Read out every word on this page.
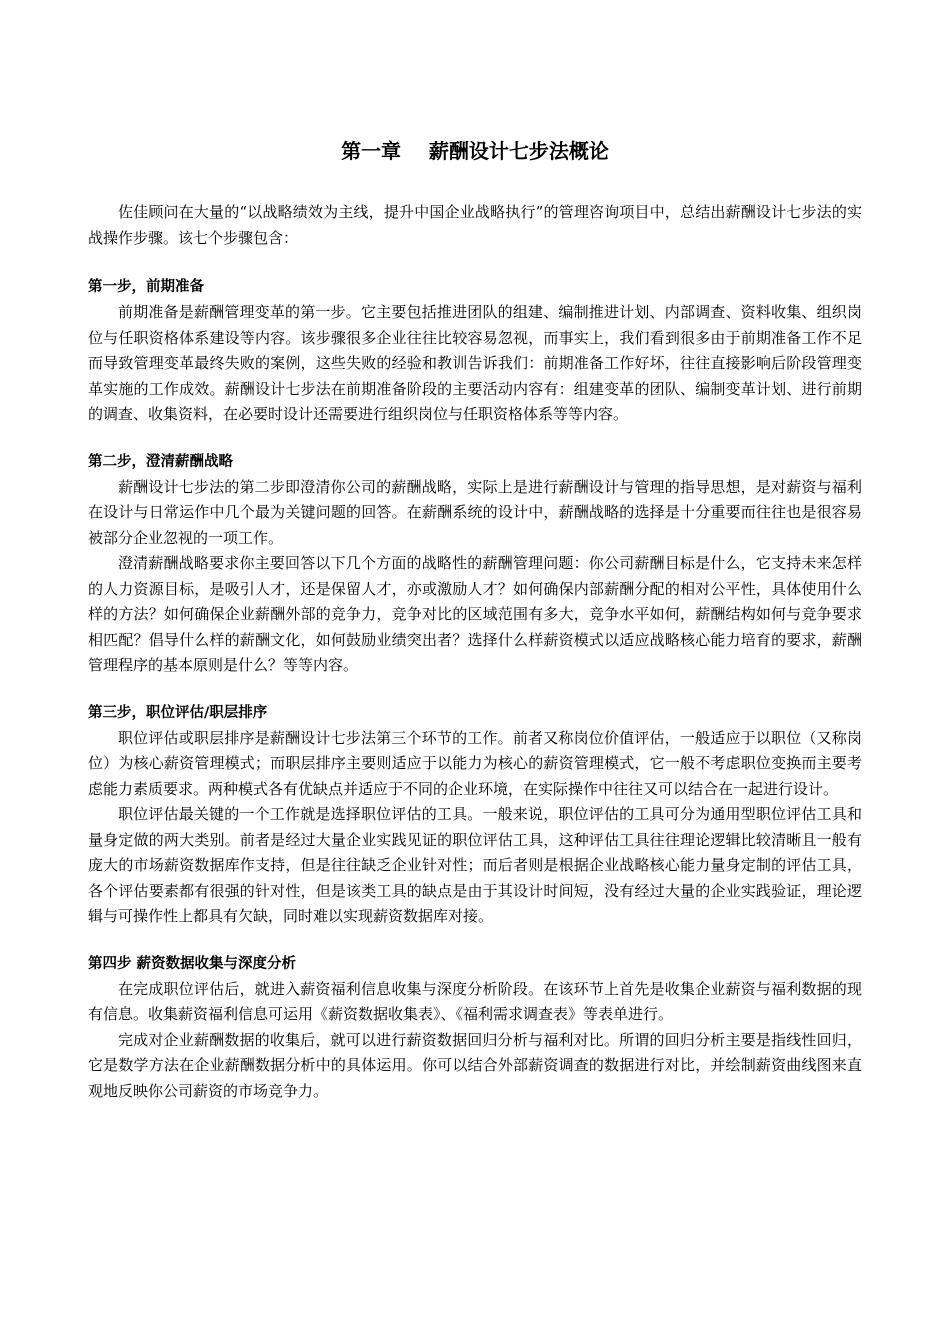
第一章    薪酬设计七步法概论

佐佳顾问在大量的“以战略绩效为主线，提升中国企业战略执行”的管理咨询项目中，总结出薪酬设计七步法的实战操作步骤。该七个步骤包含：

第一步，前期准备

前期准备是薪酬管理变革的第一步。它主要包括推进团队的组建、编制推进计划、内部调查、资料收集、组织岗位与任职资格体系建设等内容。该步骤很多企业往往比较容易忽视，而事实上，我们看到很多由于前期准备工作不足而导致管理变革最终失败的案例，这些失败的经验和教训告诉我们：前期准备工作好坏，往往直接影响后阶段管理变革实施的工作成效。薪酬设计七步法在前期准备阶段的主要活动内容有：组建变革的团队、编制变革计划、进行前期的调查、收集资料，在必要时设计还需要进行组织岗位与任职资格体系等等内容。

第二步，澄清薪酬战略

薪酬设计七步法的第二步即澄清你公司的薪酬战略，实际上是进行薪酬设计与管理的指导思想，是对薪资与福利在设计与日常运作中几个最为关键问题的回答。在薪酬系统的设计中，薪酬战略的选择是十分重要而往往也是很容易被部分企业忽视的一项工作。

澄清薪酬战略要求你主要回答以下几个方面的战略性的薪酬管理问题：你公司薪酬目标是什么，它支持未来怎样的人力资源目标，是吸引人才，还是保留人才，亦或激励人才？如何确保内部薪酬分配的相对公平性，具体使用什么样的方法？如何确保企业薪酬外部的竞争力，竞争对比的区域范围有多大，竞争水平如何，薪酬结构如何与竞争要求相匹配？倡导什么样的薪酬文化，如何鼓励业绩突出者？选择什么样薪资模式以适应战略核心能力培育的要求，薪酬管理程序的基本原则是什么？等等内容。

第三步，职位评估/职层排序

职位评估或职层排序是薪酬设计七步法第三个环节的工作。前者又称岗位价值评估，一般适应于以职位（又称岗位）为核心薪资管理模式；而职层排序主要则适应于以能力为核心的薪资管理模式，它一般不考虑职位变换而主要考虑能力素质要求。两种模式各有优缺点并适应于不同的企业环境，在实际操作中往往又可以结合在一起进行设计。

职位评估最关键的一个工作就是选择职位评估的工具。一般来说，职位评估的工具可分为通用型职位评估工具和量身定做的两大类别。前者是经过大量企业实践见证的职位评估工具，这种评估工具往往理论逻辑比较清晰且一般有庞大的市场薪资数据库作支持，但是往往缺乏企业针对性；而后者则是根据企业战略核心能力量身定制的评估工具，各个评估要素都有很强的针对性，但是该类工具的缺点是由于其设计时间短，没有经过大量的企业实践验证，理论逻辑与可操作性上都具有欠缺，同时难以实现薪资数据库对接。

第四步 薪资数据收集与深度分析

在完成职位评估后，就进入薪资福利信息收集与深度分析阶段。在该环节上首先是收集企业薪资与福利数据的现有信息。收集薪资福利信息可运用《薪资数据收集表》、《福利需求调查表》等表单进行。

完成对企业薪酬数据的收集后，就可以进行薪资数据回归分析与福利对比。所谓的回归分析主要是指线性回归，它是数学方法在企业薪酬数据分析中的具体运用。你可以结合外部薪资调查的数据进行对比，并绘制薪资曲线图来直观地反映你公司薪资的市场竞争力。
